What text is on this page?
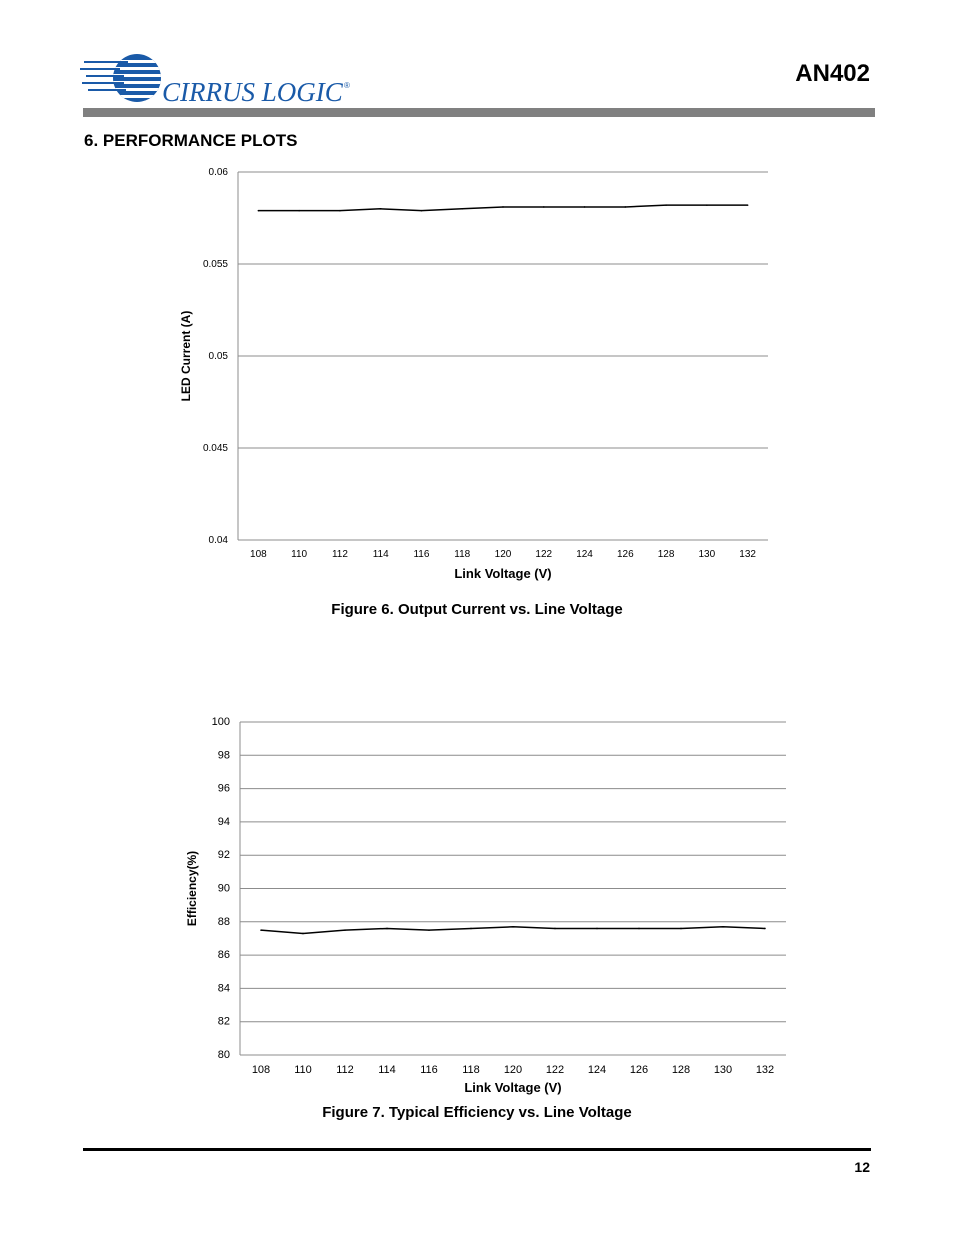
CIRRUS LOGIC ®	AN402
6. PERFORMANCE PLOTS
0.04
0.045
0.05
0.055
0.06
108 110 112 114 116 118 120 122 124 126 128 130 132
Link Voltage (V)
LED Current (A)
Figure 6. Output Current vs. Line Voltage
80
82
84
86
88
90
92
94
96
98
100
108 110 112 114 116 118 120 122 124 126 128 130 132
Link Voltage (V)
Efficiency(%)
Figure 7. Typical Efficiency vs. Line Voltage
12
